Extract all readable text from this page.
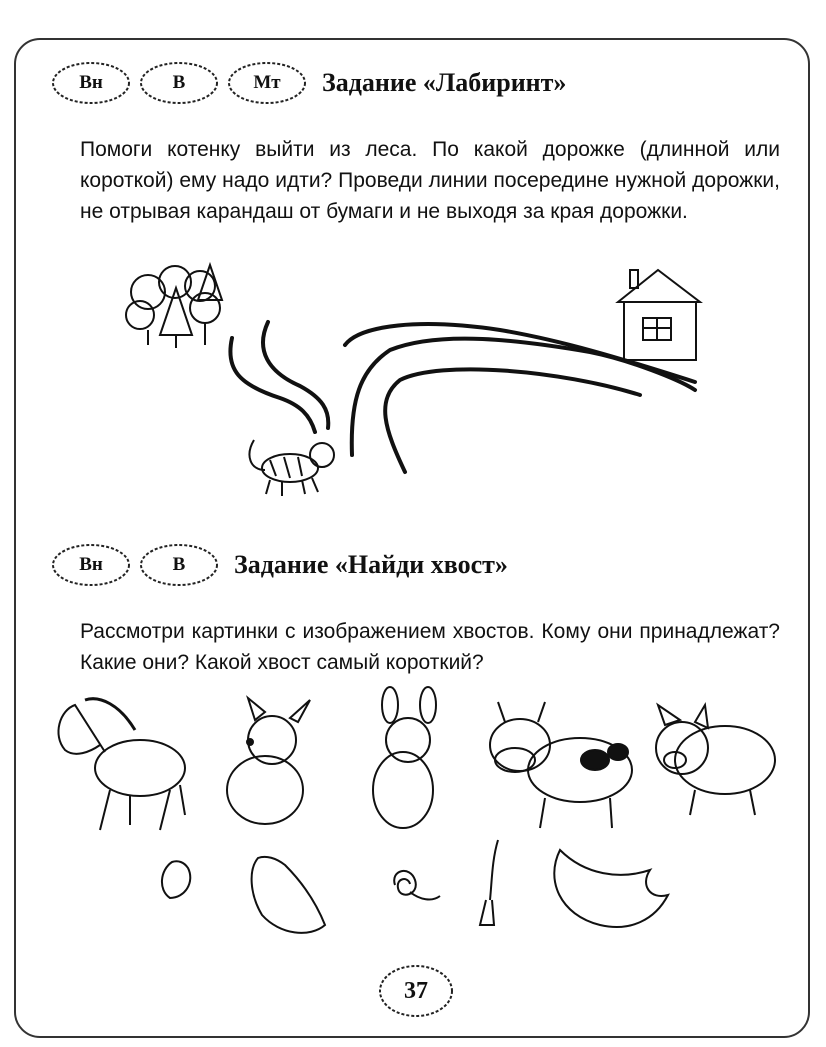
Вн	В	Мт	Задание «Лабиринт»
Помоги котенку выйти из леса. По какой дорожке (длинной или короткой) ему надо идти? Проведи линии посередине нужной дорожки, не отрывая карандаш от бумаги и не выходя за края дорожки.
Вн	В	Задание «Найди хвост»
Рассмотри картинки с изображением хвостов. Кому они принадлежат? Какие они? Какой хвост самый короткий?
37
